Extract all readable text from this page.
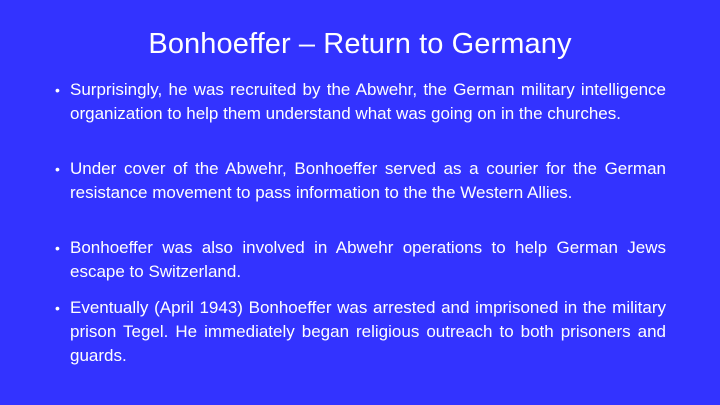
Bonhoeffer – Return to Germany
• Surprisingly, he was recruited by the Abwehr, the German military intelligence organization to help them understand what was going on in the churches.
• Under cover of the Abwehr, Bonhoeffer served as a courier for the German resistance movement to pass information to the the Western Allies.
• Bonhoeffer was also involved in Abwehr operations to help German Jews escape to Switzerland.
• Eventually (April 1943) Bonhoeffer was arrested and imprisoned in the military prison Tegel. He immediately began religious outreach to both prisoners and guards.
